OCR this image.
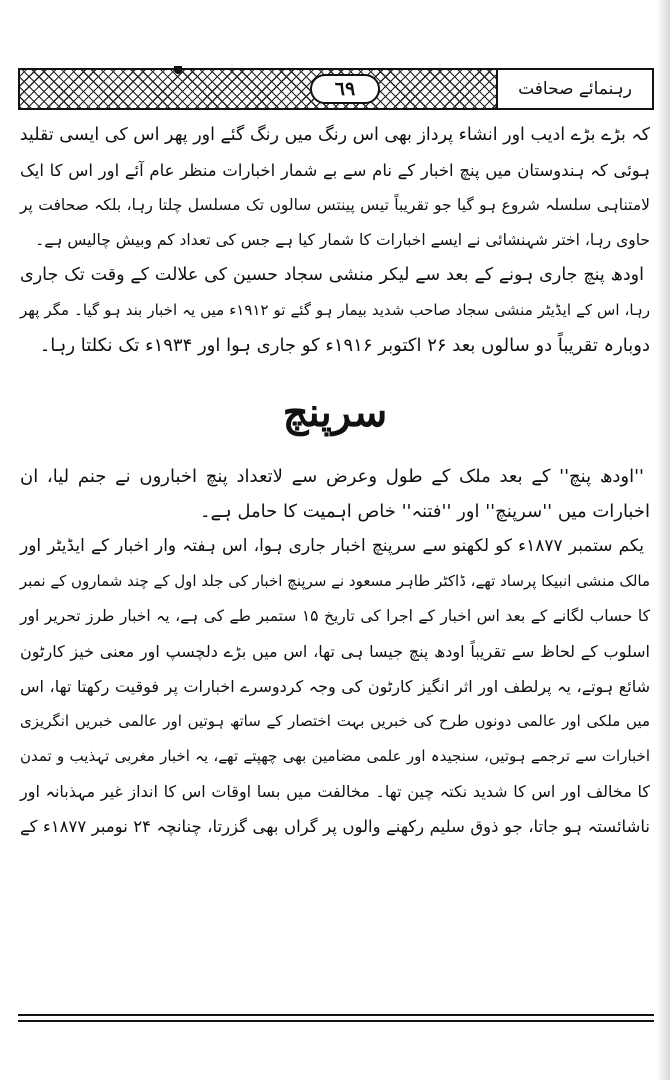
٦٩	رہنمائے صحافت
کہ بڑے بڑے ادیب اور انشاء پرداز بھی اس رنگ میں رنگ گئے اور پھر اس کی ایسی تقلید
ہوئی کہ ہندوستان میں پنچ اخبار کے نام سے بے شمار اخبارات منظر عام آئے اور اس کا ایک
لامتناہی سلسلہ شروع ہو گیا جو تقریباً تیس پینتس سالوں تک مسلسل چلتا رہا، بلکہ صحافت پر
حاوی رہا، اختر شہنشائی نے ایسے اخبارات کا شمار کیا ہے جس کی تعداد کم وبیش چالیس ہے۔
اودھ پنچ جاری ہونے کے بعد سے لیکر منشی سجاد حسین کی علالت کے وقت تک جاری
رہا، اس کے ایڈیٹر منشی سجاد صاحب شدید بیمار ہو گئے تو ۱۹۱۲ء میں یہ اخبار بند ہو گیا۔ مگر پھر
دوبارہ تقریباً دو سالوں بعد ۲۶ اکتوبر ۱۹۱۶ء کو جاری ہوا اور ۱۹۳۴ء تک نکلتا رہا۔
سرپنچ
''اودھ پنچ'' کے بعد ملک کے طول وعرض سے لاتعداد پنچ اخباروں نے جنم لیا، ان
اخبارات میں ''سرپنچ'' اور ''فتنہ'' خاص اہمیت کا حامل ہے۔
یکم ستمبر ۱۸۷۷ء کو لکھنو سے سرپنچ اخبار جاری ہوا، اس ہفتہ وار اخبار کے ایڈیٹر اور
مالک منشی انبیکا پرساد تھے، ڈاکٹر طاہر مسعود نے سرپنچ اخبار کی جلد اول کے چند شماروں کے نمبر
کا حساب لگانے کے بعد اس اخبار کے اجرا کی تاریخ ۱۵ ستمبر طے کی ہے، یہ اخبار طرز تحریر اور
اسلوب کے لحاظ سے تقریباً اودھ پنچ جیسا ہی تھا، اس میں بڑے دلچسپ اور معنی خیز کارٹون
شائع ہوتے، یہ پرلطف اور اثر انگیز کارٹون کی وجہ کردوسرے اخبارات پر فوقیت رکھتا تھا، اس
میں ملکی اور عالمی دونوں طرح کی خبریں بہت اختصار کے ساتھ ہوتیں اور عالمی خبریں انگریزی
اخبارات سے ترجمے ہوتیں، سنجیدہ اور علمی مضامین بھی چھپتے تھے، یہ اخبار مغربی تہذیب و تمدن
کا مخالف اور اس کا شدید نکتہ چین تھا۔ مخالفت میں بسا اوقات اس کا انداز غیر مہذبانہ اور
ناشائستہ ہو جاتا، جو ذوق سلیم رکھنے والوں پر گراں بھی گزرتا، چنانچہ ۲۴ نومبر ۱۸۷۷ء کے
